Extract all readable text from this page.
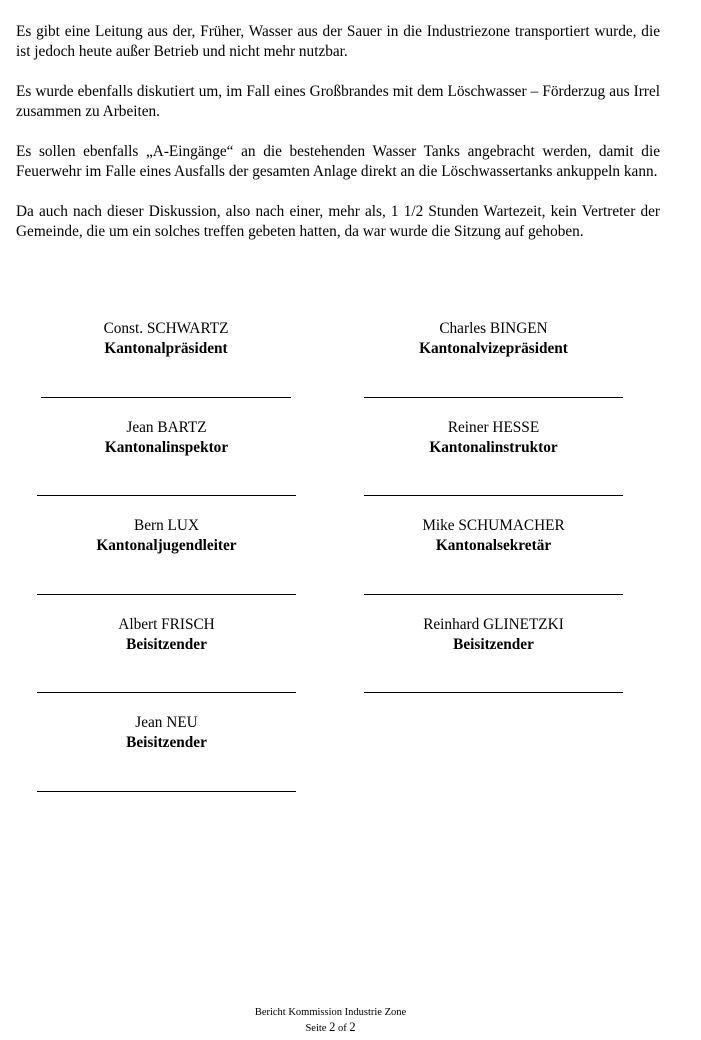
Es gibt eine Leitung aus der, Früher, Wasser aus der Sauer in die Industriezone transportiert wurde, die ist jedoch heute außer Betrieb und nicht mehr nutzbar.

Es wurde ebenfalls diskutiert um, im Fall eines Großbrandes mit dem Löschwasser – Förderzug aus Irrel zusammen zu Arbeiten.

Es sollen ebenfalls „A-Eingänge“ an die bestehenden Wasser Tanks angebracht werden, damit die Feuerwehr im Falle eines Ausfalls der gesamten Anlage direkt an die Löschwassertanks ankuppeln kann.

Da auch nach dieser Diskussion, also nach einer, mehr als, 1 1/2 Stunden Wartezeit, kein Vertreter der Gemeinde, die um ein solches treffen gebeten hatten, da war wurde die Sitzung auf gehoben.

Const. SCHWARTZ
Kantonalpräsident
Charles BINGEN
Kantonalvizepräsident
Jean BARTZ
Kantonalinspektor
Reiner HESSE
Kantonalinstruktor
Bern LUX
Kantonaljugendleiter
Mike SCHUMACHER
Kantonalsekretär
Albert FRISCH
Beisitzender
Reinhard GLINETZKI
Beisitzender
Jean NEU
Beisitzender
Bericht Kommission Industrie Zone
Seite 2 of 2
